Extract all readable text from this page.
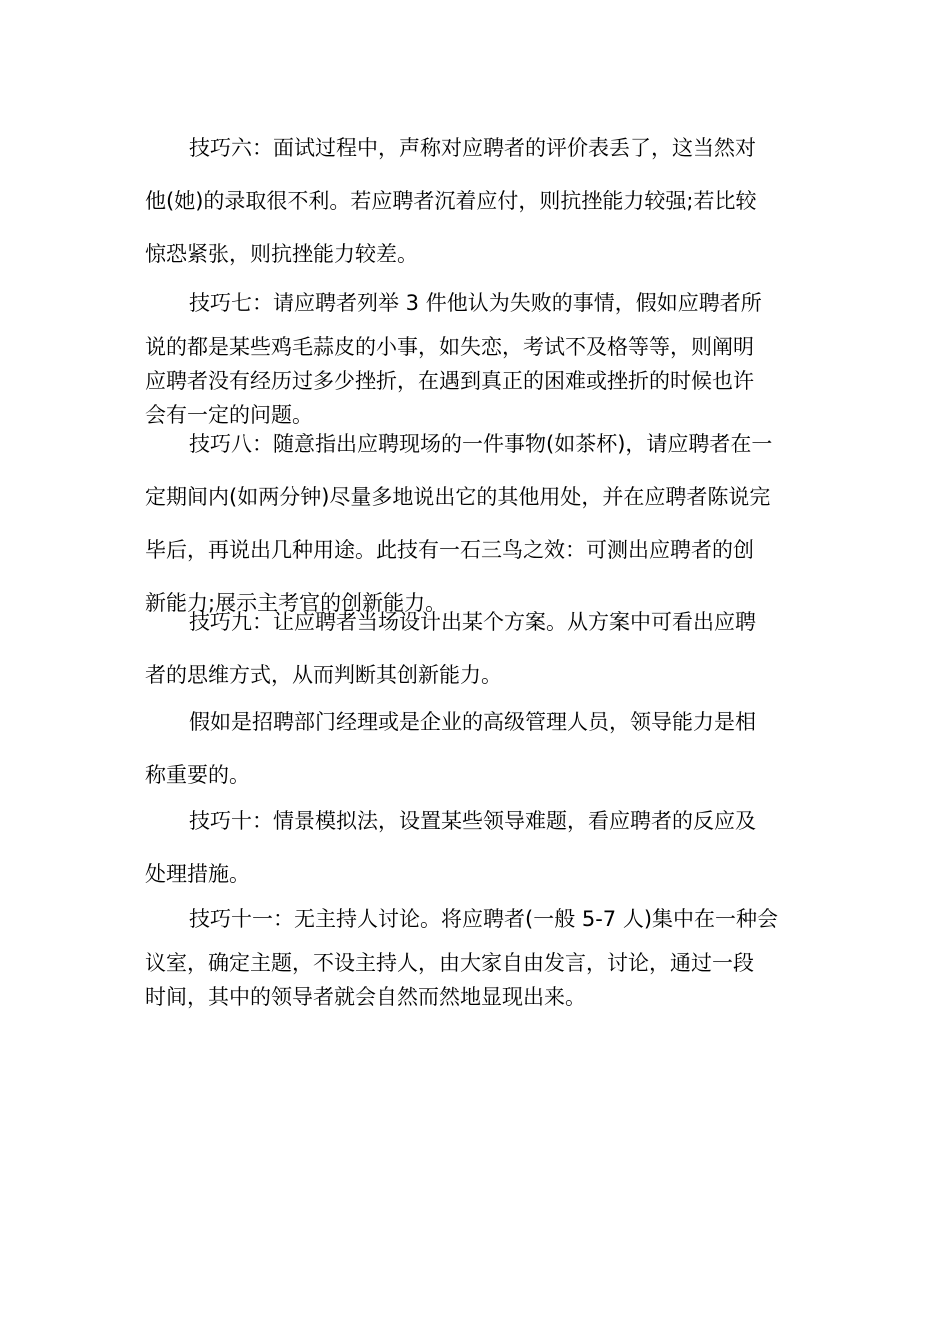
技巧六：面试过程中，声称对应聘者的评价表丢了，这当然对
他(她)的录取很不利。若应聘者沉着应付，则抗挫能力较强;若比较
惊恐紧张，则抗挫能力较差。

技巧七：请应聘者列举 3 件他认为失败的事情，假如应聘者所
说的都是某些鸡毛蒜皮的小事，如失恋，考试不及格等等，则阐明
应聘者没有经历过多少挫折，在遇到真正的困难或挫折的时候也许
会有一定的问题。

技巧八：随意指出应聘现场的一件事物(如茶杯)，请应聘者在一
定期间内(如两分钟)尽量多地说出它的其他用处，并在应聘者陈说完
毕后，再说出几种用途。此技有一石三鸟之效：可测出应聘者的创
新能力;展示主考官的创新能力。

技巧九：让应聘者当场设计出某个方案。从方案中可看出应聘
者的思维方式，从而判断其创新能力。

假如是招聘部门经理或是企业的高级管理人员，领导能力是相
称重要的。

技巧十：情景模拟法，设置某些领导难题，看应聘者的反应及
处理措施。

技巧十一：无主持人讨论。将应聘者(一般 5-7 人)集中在一种会
议室，确定主题，不设主持人，由大家自由发言，讨论，通过一段
时间，其中的领导者就会自然而然地显现出来。
